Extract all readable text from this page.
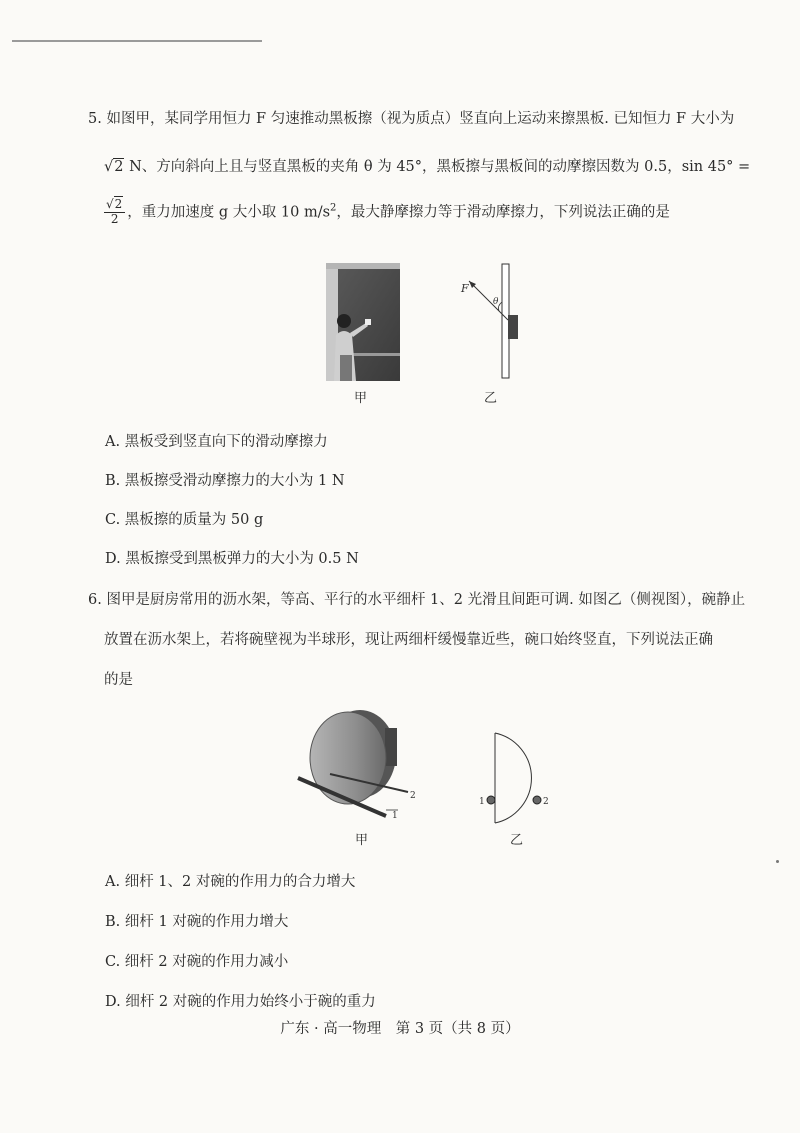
5. 如图甲，某同学用恒力 F 匀速推动黑板擦（视为质点）竖直向上运动来擦黑板. 已知恒力 F 大小为
√2 N、方向斜向上且与竖直黑板的夹角 θ 为 45°，黑板擦与黑板间的动摩擦因数为 0.5，sin 45° =
$\frac{√2}{2}$ ，重力加速度 g 大小取 10 $m/s^2$，最大静摩擦力等于滑动摩擦力，下列说法正确的是
甲
F
θ
乙
A. 黑板受到竖直向下的滑动摩擦力
B. 黑板擦受滑动摩擦力的大小为 1 N
C. 黑板擦的质量为 50 g
D. 黑板擦受到黑板弹力的大小为 0.5 N
6. 图甲是厨房常用的沥水架，等高、平行的水平细杆 1、2 光滑且间距可调. 如图乙（侧视图），碗静止
放置在沥水架上，若将碗壁视为半球形，现让两细杆缓慢靠近些，碗口始终竖直，下列说法正确
的是
1
2
甲
1	2
乙
A. 细杆 1、2 对碗的作用力的合力增大
B. 细杆 1 对碗的作用力增大
C. 细杆 2 对碗的作用力减小
D. 细杆 2 对碗的作用力始终小于碗的重力
广东 · 高一物理　第 3 页（共 8 页）
